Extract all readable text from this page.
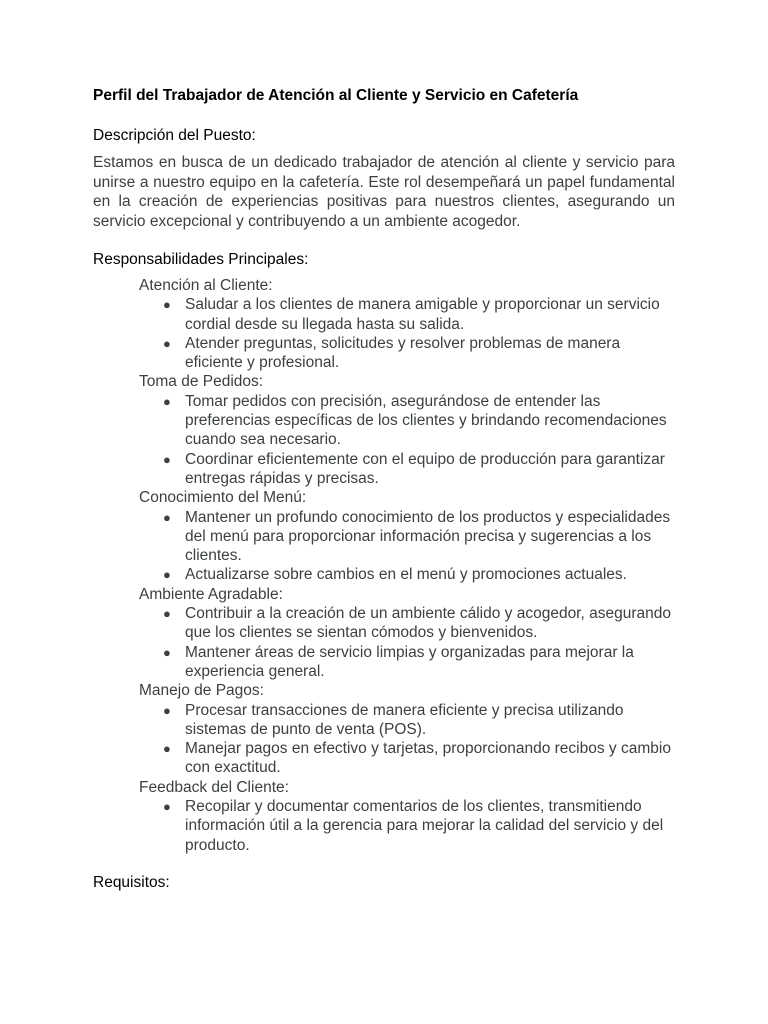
Perfil del Trabajador de Atención al Cliente y Servicio en Cafetería
Descripción del Puesto:

Estamos en busca de un dedicado trabajador de atención al cliente y servicio para unirse a nuestro equipo en la cafetería. Este rol desempeñará un papel fundamental en la creación de experiencias positivas para nuestros clientes, asegurando un servicio excepcional y contribuyendo a un ambiente acogedor.

Responsabilidades Principales:
Atención al Cliente:
● Saludar a los clientes de manera amigable y proporcionar un servicio cordial desde su llegada hasta su salida.
● Atender preguntas, solicitudes y resolver problemas de manera eficiente y profesional.
Toma de Pedidos:
● Tomar pedidos con precisión, asegurándose de entender las preferencias específicas de los clientes y brindando recomendaciones cuando sea necesario.
● Coordinar eficientemente con el equipo de producción para garantizar entregas rápidas y precisas.
Conocimiento del Menú:
● Mantener un profundo conocimiento de los productos y especialidades del menú para proporcionar información precisa y sugerencias a los clientes.
● Actualizarse sobre cambios en el menú y promociones actuales.
Ambiente Agradable:
● Contribuir a la creación de un ambiente cálido y acogedor, asegurando que los clientes se sientan cómodos y bienvenidos.
● Mantener áreas de servicio limpias y organizadas para mejorar la experiencia general.
Manejo de Pagos:
● Procesar transacciones de manera eficiente y precisa utilizando sistemas de punto de venta (POS).
● Manejar pagos en efectivo y tarjetas, proporcionando recibos y cambio con exactitud.
Feedback del Cliente:
● Recopilar y documentar comentarios de los clientes, transmitiendo información útil a la gerencia para mejorar la calidad del servicio y del producto.
Requisitos:
